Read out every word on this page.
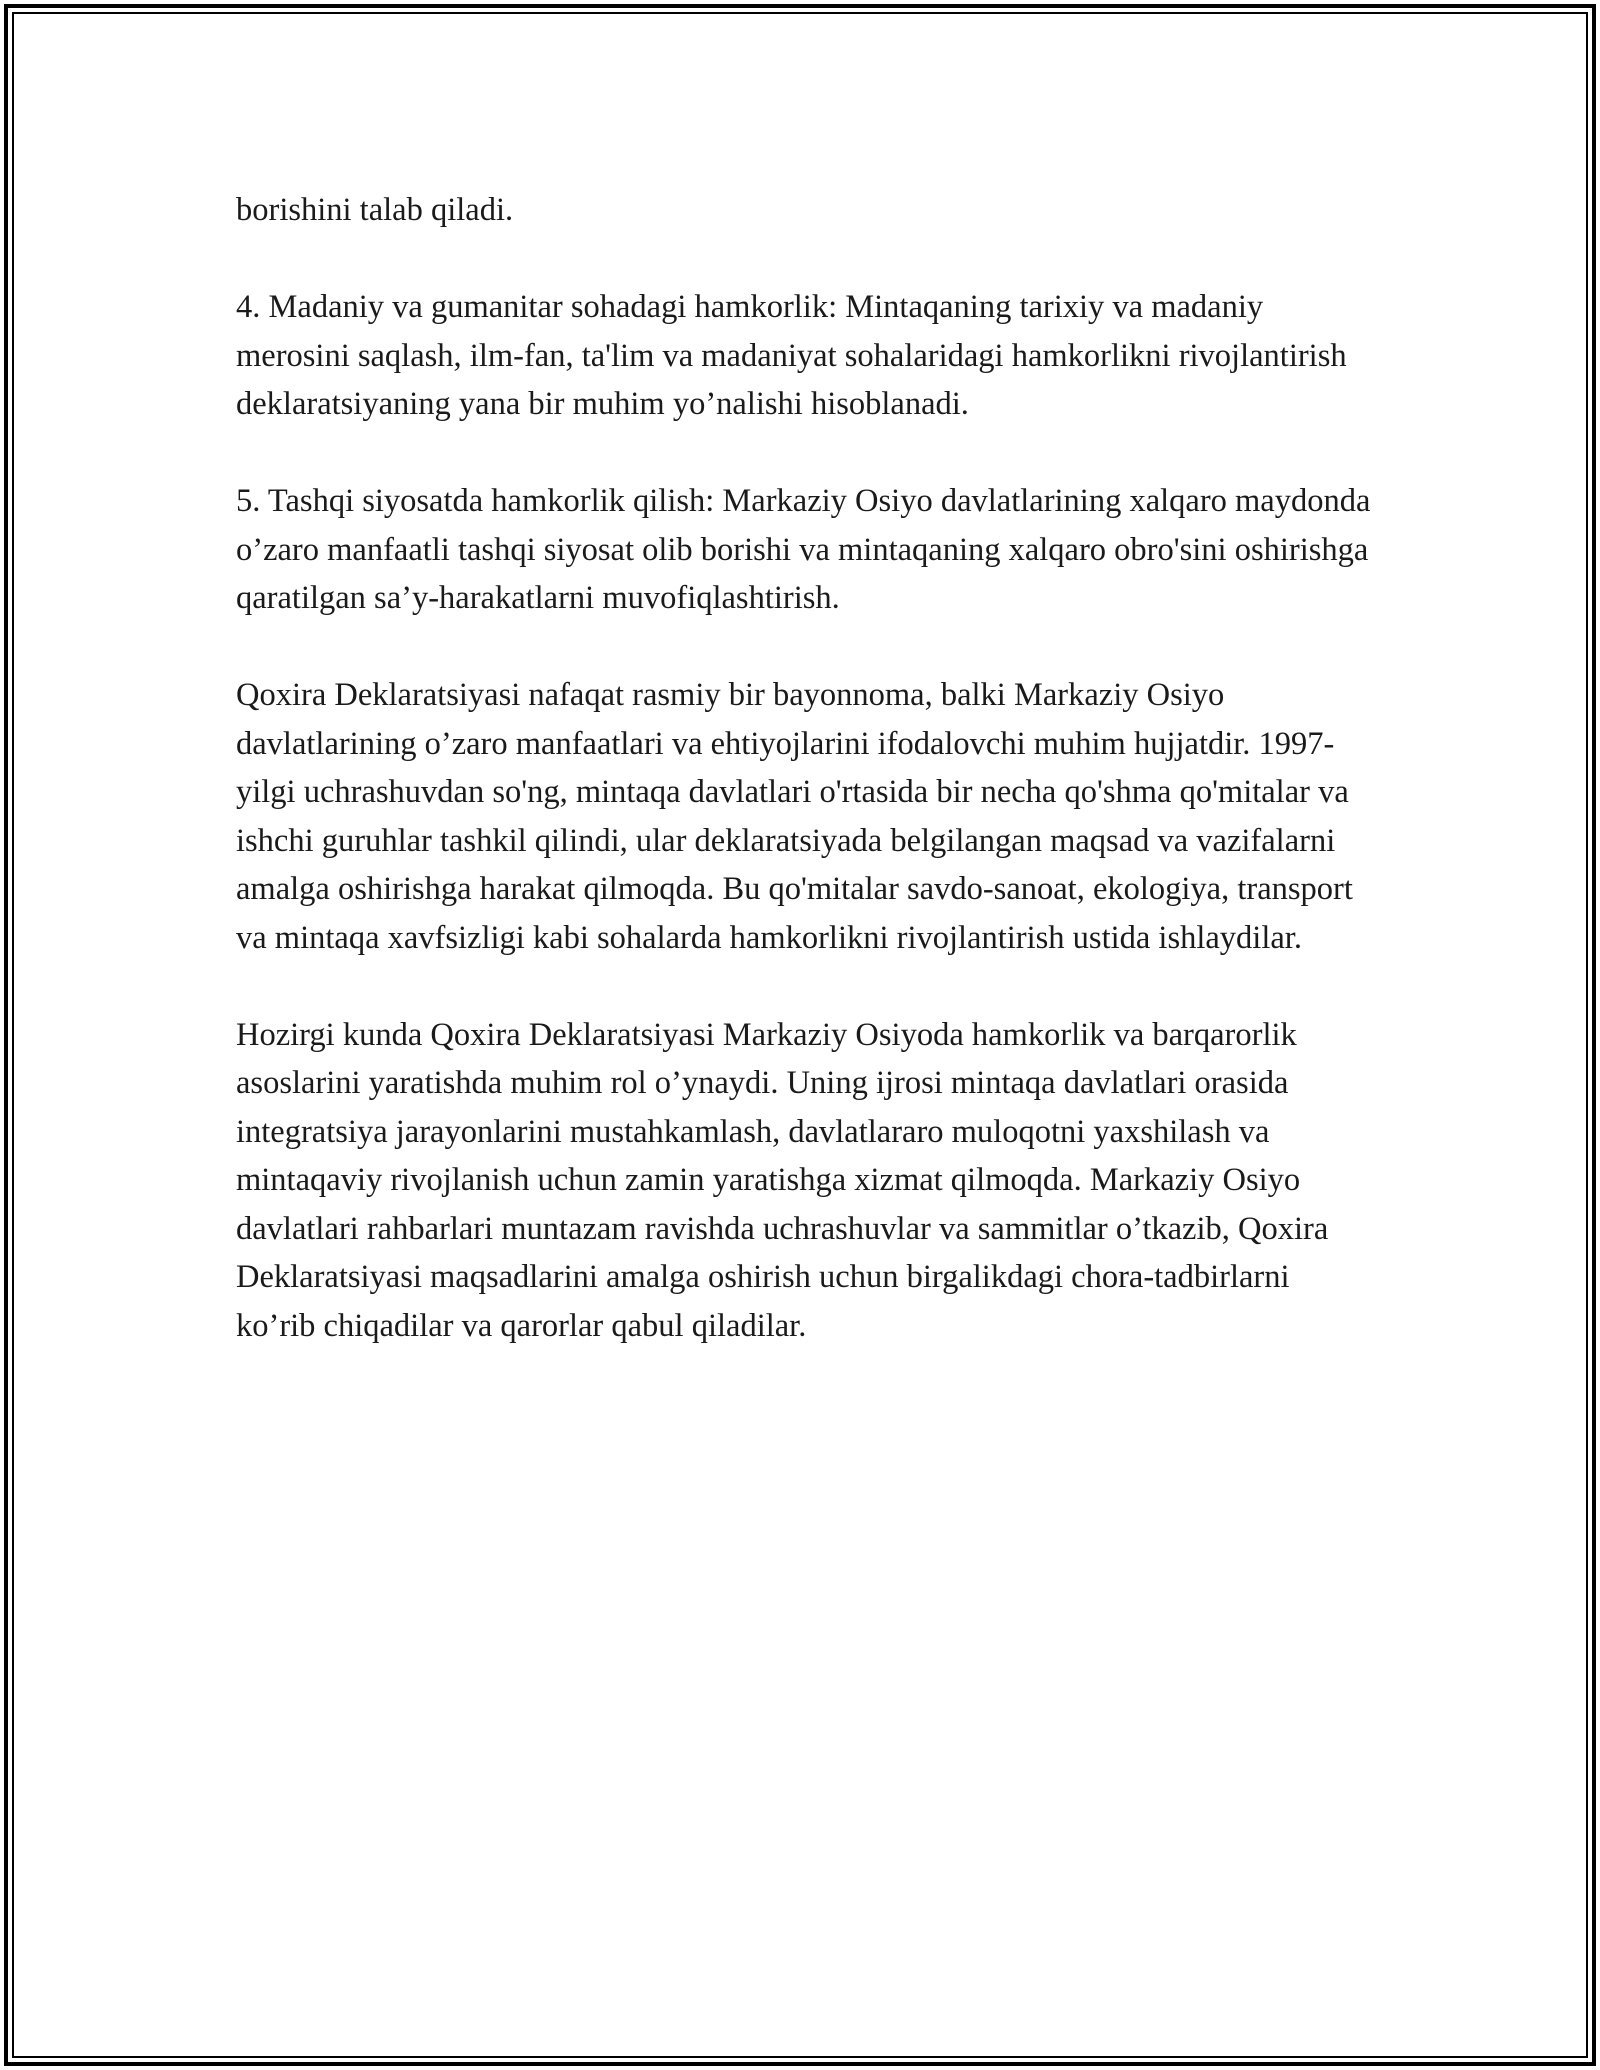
borishini talab qiladi.

4. Madaniy va gumanitar sohadagi hamkorlik: Mintaqaning tarixiy va madaniy merosini saqlash, ilm-fan, ta'lim va madaniyat sohalaridagi hamkorlikni rivojlantirish deklaratsiyaning yana bir muhim yo’nalishi hisoblanadi.

5. Tashqi siyosatda hamkorlik qilish: Markaziy Osiyo davlatlarining xalqaro maydonda o’zaro manfaatli tashqi siyosat olib borishi va mintaqaning xalqaro obro'sini oshirishga qaratilgan sa’y-harakatlarni muvofiqlashtirish.

Qoxira Deklaratsiyasi nafaqat rasmiy bir bayonnoma, balki Markaziy Osiyo davlatlarining o’zaro manfaatlari va ehtiyojlarini ifodalovchi muhim hujjatdir. 1997-yilgi uchrashuvdan so'ng, mintaqa davlatlari o'rtasida bir necha qo'shma qo'mitalar va ishchi guruhlar tashkil qilindi, ular deklaratsiyada belgilangan maqsad va vazifalarni amalga oshirishga harakat qilmoqda. Bu qo'mitalar savdo-sanoat, ekologiya, transport va mintaqa xavfsizligi kabi sohalarda hamkorlikni rivojlantirish ustida ishlaydilar.

Hozirgi kunda Qoxira Deklaratsiyasi Markaziy Osiyoda hamkorlik va barqarorlik asoslarini yaratishda muhim rol o’ynaydi. Uning ijrosi mintaqa davlatlari orasida integratsiya jarayonlarini mustahkamlash, davlatlararo muloqotni yaxshilash va mintaqaviy rivojlanish uchun zamin yaratishga xizmat qilmoqda. Markaziy Osiyo davlatlari rahbarlari muntazam ravishda uchrashuvlar va sammitlar o’tkazib, Qoxira Deklaratsiyasi maqsadlarini amalga oshirish uchun birgalikdagi chora-tadbirlarni ko’rib chiqadilar va qarorlar qabul qiladilar.
